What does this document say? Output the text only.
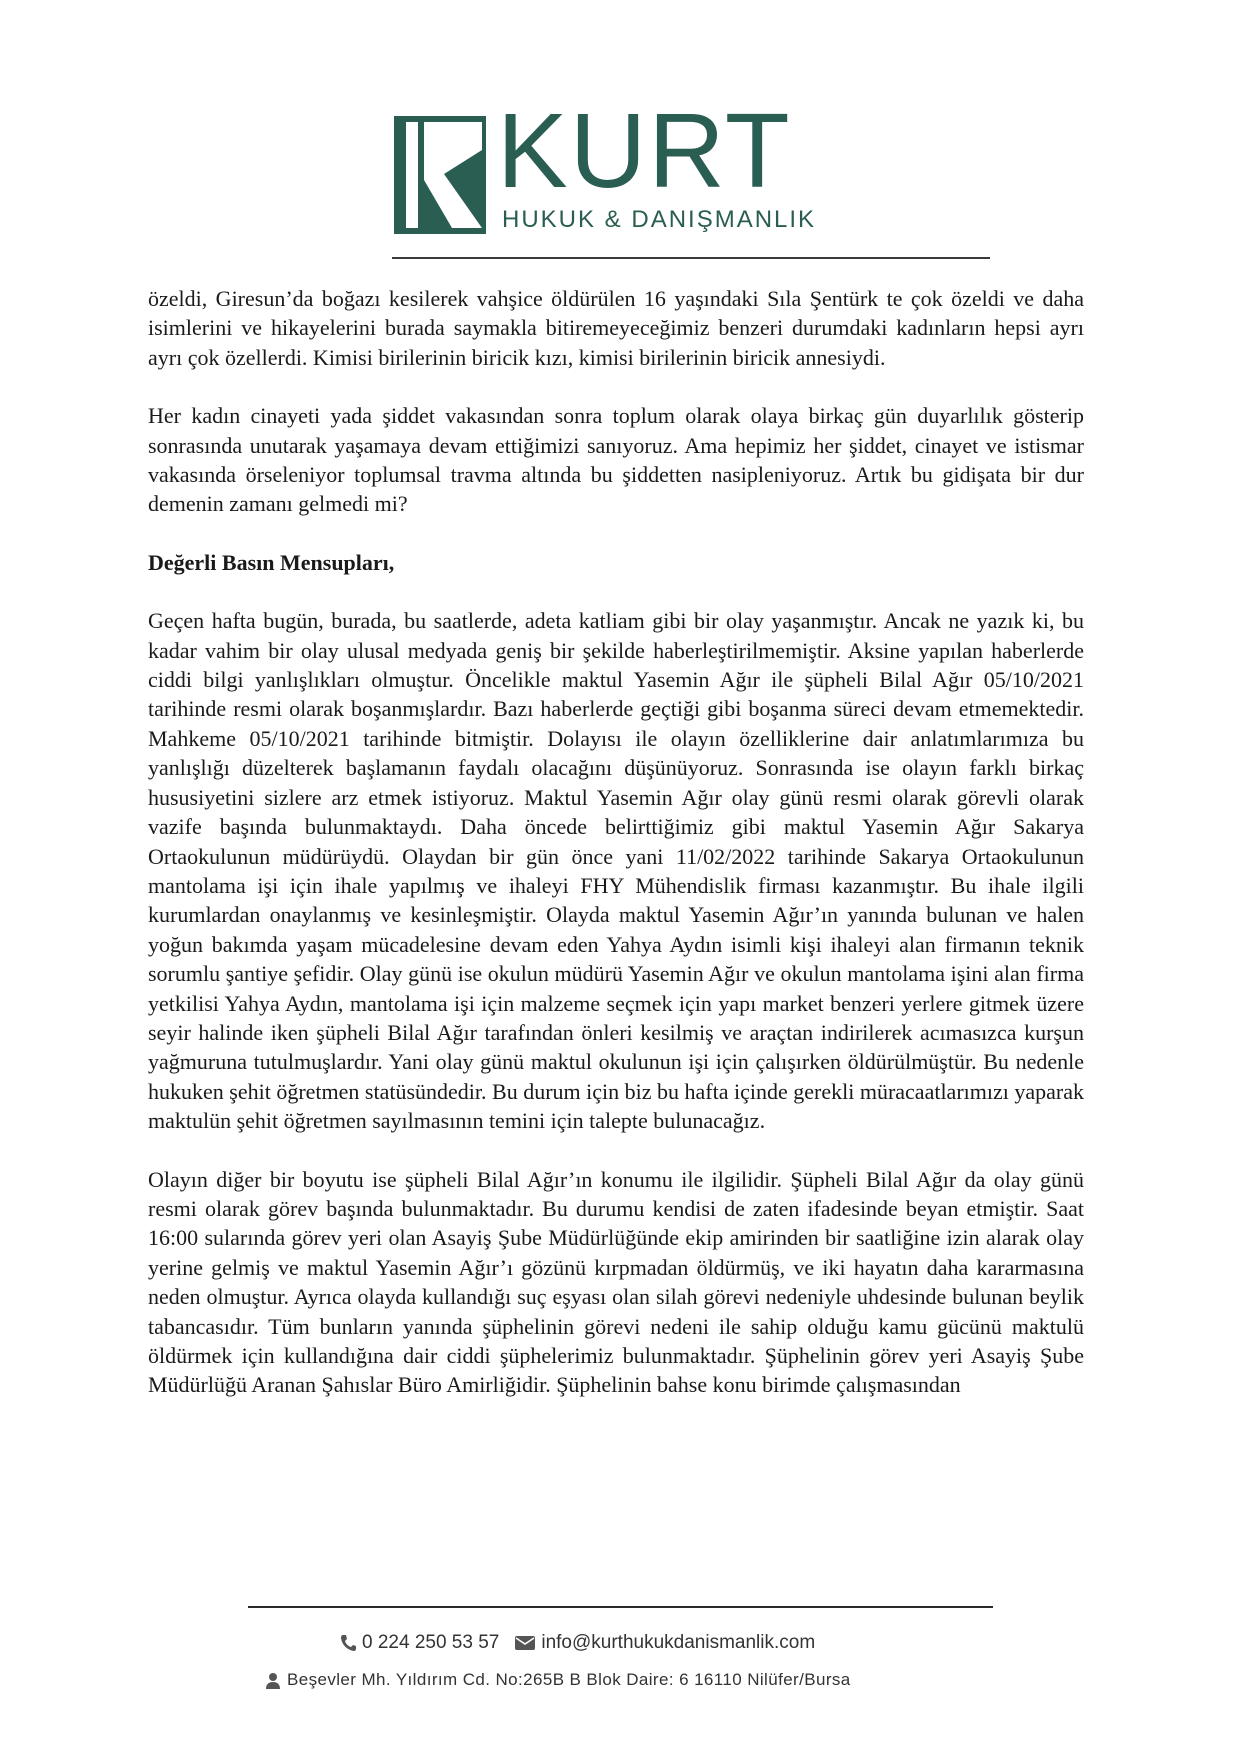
KURT
HUKUK & DANIŞMANLIK

özeldi, Giresun’da boğazı kesilerek vahşice öldürülen 16 yaşındaki Sıla Şentürk te çok özeldi ve daha isimlerini ve hikayelerini burada saymakla bitiremeyeceğimiz benzeri durumdaki kadınların hepsi ayrı ayrı çok özellerdi. Kimisi birilerinin biricik kızı, kimisi birilerinin biricik annesiydi.

Her kadın cinayeti yada şiddet vakasından sonra toplum olarak olaya birkaç gün duyarlılık gösterip sonrasında unutarak yaşamaya devam ettiğimizi sanıyoruz. Ama hepimiz her şiddet, cinayet ve istismar vakasında örseleniyor toplumsal travma altında bu şiddetten nasipleniyoruz. Artık bu gidişata bir dur demenin zamanı gelmedi mi?

Değerli Basın Mensupları,

Geçen hafta bugün, burada, bu saatlerde, adeta katliam gibi bir olay yaşanmıştır. Ancak ne yazık ki, bu kadar vahim bir olay ulusal medyada geniş bir şekilde haberleştirilmemiştir. Aksine yapılan haberlerde ciddi bilgi yanlışlıkları olmuştur. Öncelikle maktul Yasemin Ağır ile şüpheli Bilal Ağır 05/10/2021 tarihinde resmi olarak boşanmışlardır. Bazı haberlerde geçtiği gibi boşanma süreci devam etmemektedir. Mahkeme 05/10/2021 tarihinde bitmiştir. Dolayısı ile olayın özelliklerine dair anlatımlarımıza bu yanlışlığı düzelterek başlamanın faydalı olacağını düşünüyoruz. Sonrasında ise olayın farklı birkaç hususiyetini sizlere arz etmek istiyoruz. Maktul Yasemin Ağır olay günü resmi olarak görevli olarak vazife başında bulunmaktaydı. Daha öncede belirttiğimiz gibi maktul Yasemin Ağır Sakarya Ortaokulunun müdürüydü. Olaydan bir gün önce yani 11/02/2022 tarihinde Sakarya Ortaokulunun mantolama işi için ihale yapılmış ve ihaleyi FHY Mühendislik firması kazanmıştır. Bu ihale ilgili kurumlardan onaylanmış ve kesinleşmiştir. Olayda maktul Yasemin Ağır’ın yanında bulunan ve halen yoğun bakımda yaşam mücadelesine devam eden Yahya Aydın isimli kişi ihaleyi alan firmanın teknik sorumlu şantiye şefidir. Olay günü ise okulun müdürü Yasemin Ağır ve okulun mantolama işini alan firma yetkilisi Yahya Aydın, mantolama işi için malzeme seçmek için yapı market benzeri yerlere gitmek üzere seyir halinde iken şüpheli Bilal Ağır tarafından önleri kesilmiş ve araçtan indirilerek acımasızca kurşun yağmuruna tutulmuşlardır. Yani olay günü maktul okulunun işi için çalışırken öldürülmüştür. Bu nedenle hukuken şehit öğretmen statüsündedir. Bu durum için biz bu hafta içinde gerekli müracaatlarımızı yaparak maktulün şehit öğretmen sayılmasının temini için talepte bulunacağız.

Olayın diğer bir boyutu ise şüpheli Bilal Ağır’ın konumu ile ilgilidir. Şüpheli Bilal Ağır da olay günü resmi olarak görev başında bulunmaktadır. Bu durumu kendisi de zaten ifadesinde beyan etmiştir. Saat 16:00 sularında görev yeri olan Asayiş Şube Müdürlüğünde ekip amirinden bir saatliğine izin alarak olay yerine gelmiş ve maktul Yasemin Ağır’ı gözünü kırpmadan öldürmüş, ve iki hayatın daha kararmasına neden olmuştur. Ayrıca olayda kullandığı suç eşyası olan silah görevi nedeniyle uhdesinde bulunan beylik tabancasıdır. Tüm bunların yanında şüphelinin görevi nedeni ile sahip olduğu kamu gücünü maktulü öldürmek için kullandığına dair ciddi şüphelerimiz bulunmaktadır. Şüphelinin görev yeri Asayiş Şube Müdürlüğü Aranan Şahıslar Büro Amirliğidir. Şüphelinin bahse konu birimde çalışmasından

0 224 250 53 57 info@kurthukukdanismanlik.com
Beşevler Mh. Yıldırım Cd. No:265B B Blok Daire: 6 16110 Nilüfer/Bursa
